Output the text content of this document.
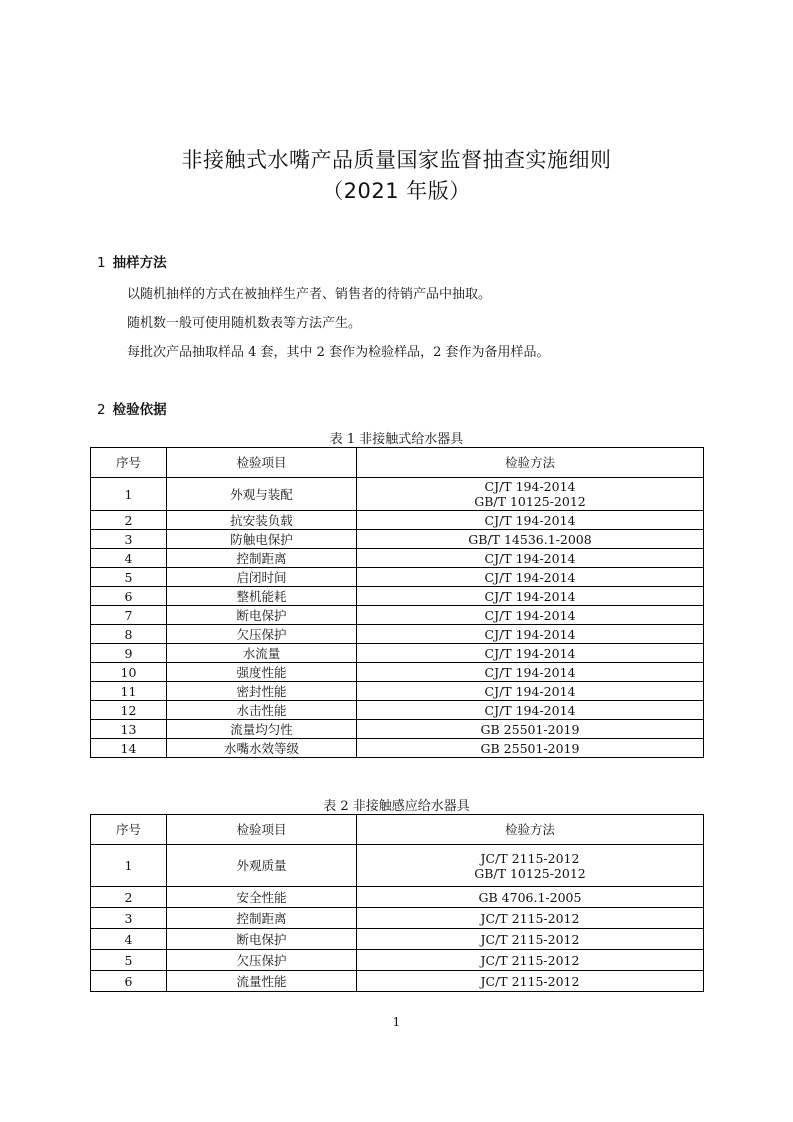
非接触式水嘴产品质量国家监督抽查实施细则
（2021 年版）
1 抽样方法
以随机抽样的方式在被抽样生产者、销售者的待销产品中抽取。
随机数一般可使用随机数表等方法产生。
每批次产品抽取样品 4 套，其中 2 套作为检验样品，2 套作为备用样品。
2 检验依据
表 1 非接触式给水器具
序号	检验项目	检验方法
1	外观与装配	CJ/T 194-2014
GB/T 10125-2012

2	抗安装负载	CJ/T 194-2014

3	防触电保护	GB/T 14536.1-2008

4	控制距离	CJ/T 194-2014

5	启闭时间	CJ/T 194-2014

6	整机能耗	CJ/T 194-2014

7	断电保护	CJ/T 194-2014

8	欠压保护	CJ/T 194-2014

9	水流量	CJ/T 194-2014

10	强度性能	CJ/T 194-2014

11	密封性能	CJ/T 194-2014

12	水击性能	CJ/T 194-2014

13	流量均匀性	GB 25501-2019

14	水嘴水效等级	GB 25501-2019
表 2 非接触感应给水器具
序号	检验项目	检验方法
1	外观质量	JC/T 2115-2012
GB/T 10125-2012

2	安全性能	GB 4706.1-2005

3	控制距离	JC/T 2115-2012

4	断电保护	JC/T 2115-2012

5	欠压保护	JC/T 2115-2012

6	流量性能	JC/T 2115-2012
1
